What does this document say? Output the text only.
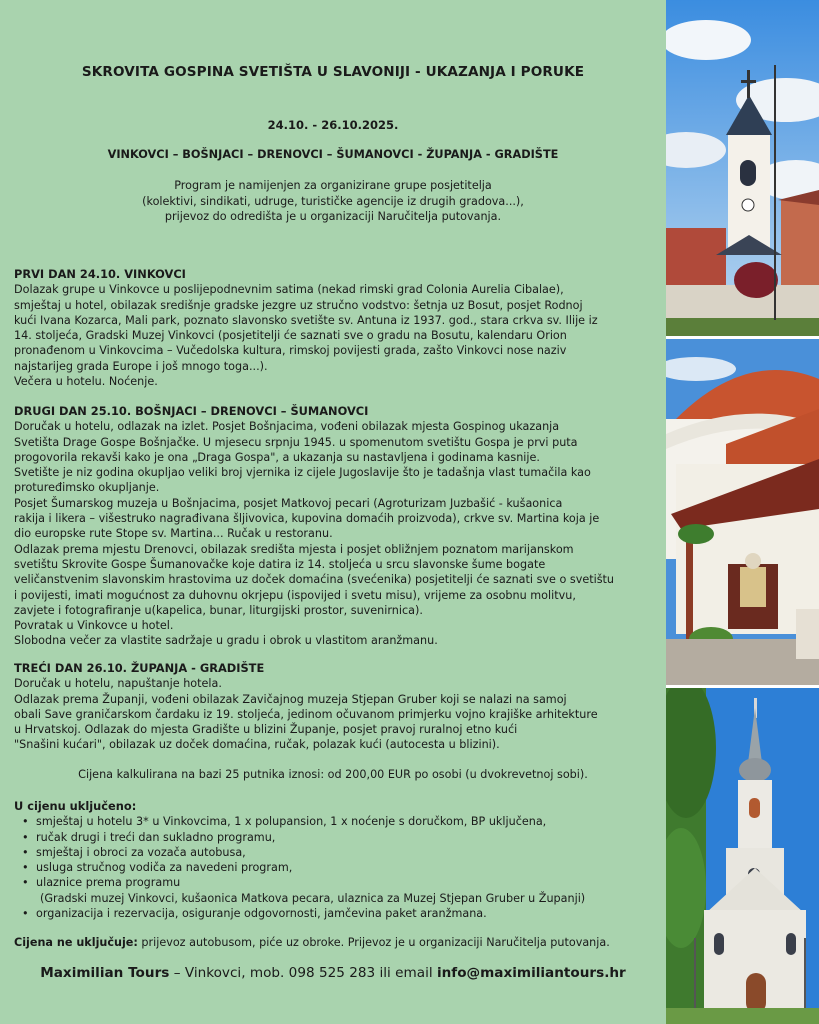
SKROVITA GOSPINA SVETIŠTA U SLAVONIJI - UKAZANJA I PORUKE
24.10. - 26.10.2025.
VINKOVCI – BOŠNJACI – DRENOVCI – ŠUMANOVCI - ŽUPANJA - GRADIŠTE
Program je namijenjen za organizirane grupe posjetitelja
(kolektivi, sindikati, udruge, turističke agencije iz drugih gradova...),
prijevoz do odredišta je u organizaciji Naručitelja putovanja.
PRVI DAN 24.10. VINKOVCI
Dolazak grupe u Vinkovce u poslijepodnevnim satima (nekad rimski grad Colonia Aurelia Cibalae),
smještaj u hotel, obilazak središnje gradske jezgre uz stručno vodstvo: šetnja uz Bosut, posjet Rodnoj
kući Ivana Kozarca, Mali park, poznato slavonsko svetište sv. Antuna iz 1937. god., stara crkva sv. Ilije iz
14. stoljeća, Gradski Muzej Vinkovci (posjetitelji će saznati sve o gradu na Bosutu, kalendaru Orion
pronađenom u Vinkovcima – Vučedolska kultura, rimskoj povijesti grada, zašto Vinkovci nose naziv
najstarijeg grada Europe i još mnogo toga...).
Večera u hotelu. Noćenje.
DRUGI DAN 25.10. BOŠNJACI – DRENOVCI – ŠUMANOVCI
Doručak u hotelu, odlazak na izlet. Posjet Bošnjacima, vođeni obilazak mjesta Gospinog ukazanja
Svetišta Drage Gospe Bošnjačke. U mjesecu srpnju 1945. u spomenutom svetištu Gospa je prvi puta
progovorila rekavši kako je ona „Draga Gospa", a ukazanja su nastavljena i godinama kasnije.
Svetište je niz godina okupljao veliki broj vjernika iz cijele Jugoslavije što je tadašnja vlast tumačila kao
protuređimsko okupljanje.
Posjet Šumarskog muzeja u Bošnjacima, posjet Matkovoj pecari (Agroturizam Juzbašić - kušaonica
rakija i likera – višestruko nagrađivana šljivovica, kupovina domaćih proizvoda), crkve sv. Martina koja je
dio europske rute Stope sv. Martina... Ručak u restoranu.
Odlazak prema mjestu Drenovci, obilazak središta mjesta i posjet obližnjem poznatom marijanskom
svetištu Skrovite Gospe Šumanovačke koje datira iz 14. stoljeća u srcu slavonske šume bogate
veličanstvenim slavonskim hrastovima uz doček domaćina (svećenika) posjetitelji će saznati sve o svetištu
i povijesti, imati mogućnost za duhovnu okrjepu (ispovijed i svetu misu), vrijeme za osobnu molitvu,
zavjete i fotografiranje u(kapelica, bunar, liturgijski prostor, suvenirnica).
Povratak u Vinkovce u hotel.
Slobodna večer za vlastite sadržaje u gradu i obrok u vlastitom aranžmanu.
TREĆI DAN 26.10. ŽUPANJA - GRADIŠTE
Doručak u hotelu, napuštanje hotela.
Odlazak prema Županji, vođeni obilazak Zavičajnog muzeja Stjepan Gruber koji se nalazi na samoj
obali Save graničarskom čardaku iz 19. stoljeća, jedinom očuvanom primjerku vojno krajiške arhitekture
u Hrvatskoj. Odlazak do mjesta Gradište u blizini Županje, posjet pravoj ruralnoj etno kući
"Snašini kućari", obilazak uz doček domaćina, ručak, polazak kući (autocesta u blizini).
Cijena kalkulirana na bazi 25 putnika iznosi: od 200,00 EUR po osobi (u dvokrevetnoj sobi).
U cijenu uključeno:
• smještaj u hotelu 3* u Vinkovcima, 1 x polupansion, 1 x noćenje s doručkom, BP uključena,
• ručak drugi i treći dan sukladno programu,
• smještaj i obroci za vozača autobusa,
• usluga stručnog vodiča za navedeni program,
• ulaznice prema programu
(Gradski muzej Vinkovci, kušaonica Matkova pecara, ulaznica za Muzej Stjepan Gruber u Županji)
• organizacija i rezervacija, osiguranje odgovornosti, jamčevina paket aranžmana.
Cijena ne uključuje: prijevoz autobusom, piće uz obroke. Prijevoz je u organizaciji Naručitelja putovanja.
Maximilian Tours – Vinkovci, mob. 098 525 283 ili email info@maximiliantours.hr
